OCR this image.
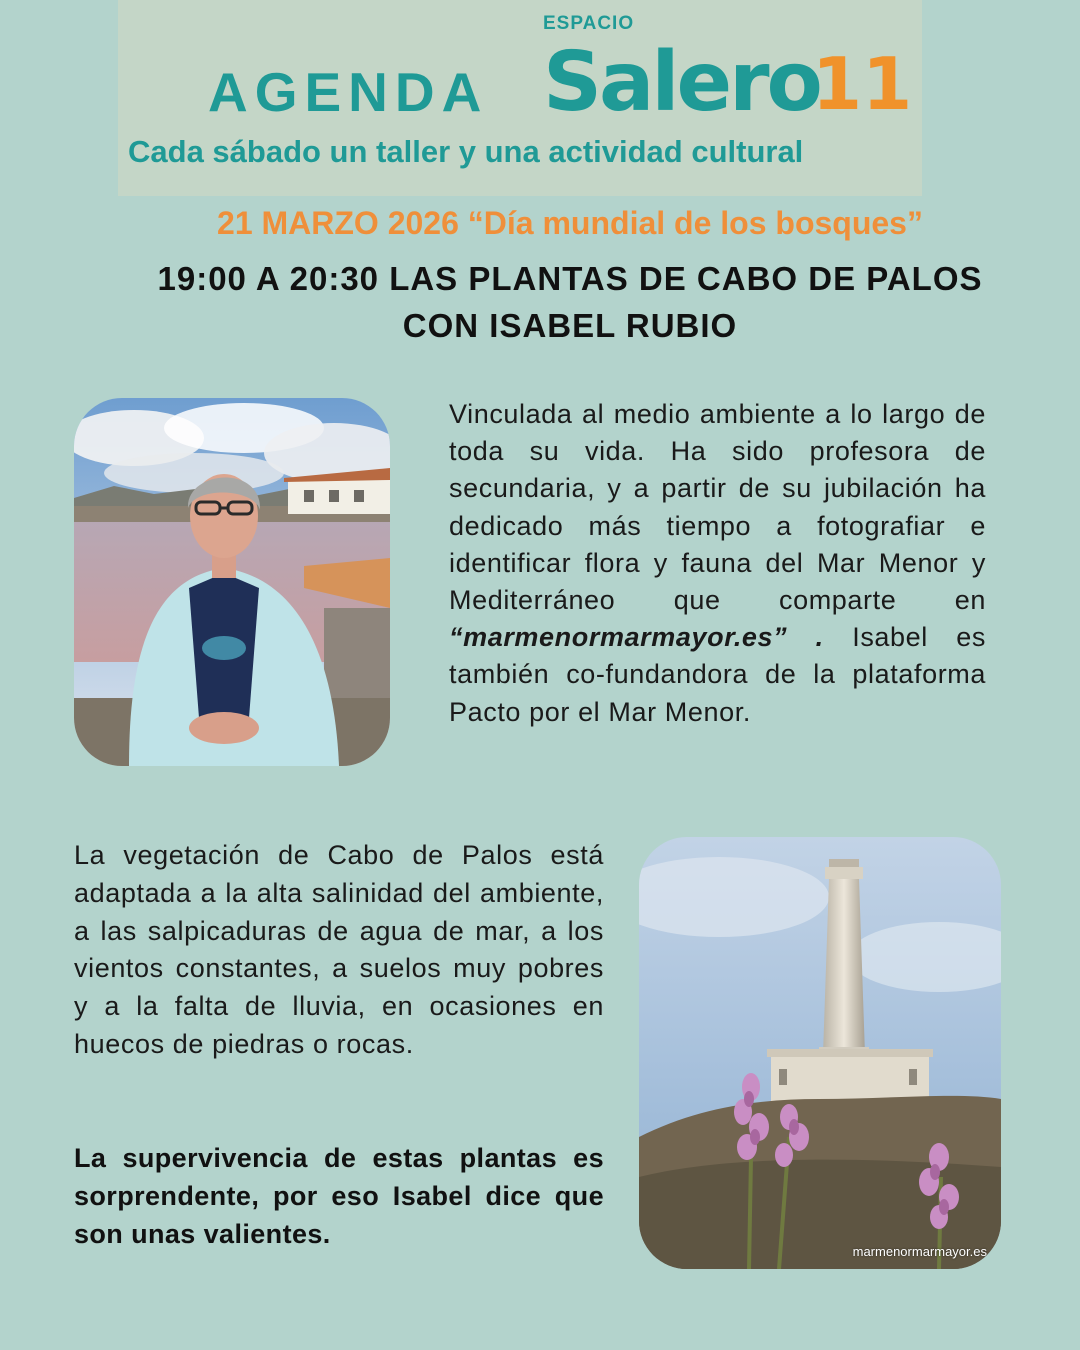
ESPACIO
AGENDA Salero
11
Cada sábado un taller y una actividad cultural
21 MARZO 2026 “Día mundial de los bosques”
19:00 A 20:30 LAS PLANTAS DE CABO DE PALOS
CON ISABEL RUBIO
Vinculada al medio ambiente a lo largo de toda su vida. Ha sido profesora de secundaria, y a partir de su jubilación ha dedicado más tiempo a fotografiar e identificar flora y fauna del Mar Menor y Mediterráneo que comparte en “marmenormarmayor.es” . Isabel es también co-fundandora de la plataforma Pacto por el Mar Menor.
La vegetación de Cabo de Palos está adaptada a la alta salinidad del ambiente, a las salpicaduras de agua de mar, a los vientos constantes, a suelos muy pobres y a la falta de lluvia, en ocasiones en huecos de piedras o rocas.
La supervivencia de estas plantas es sorprendente, por eso Isabel dice que son unas valientes.
marmenormarmayor.es
